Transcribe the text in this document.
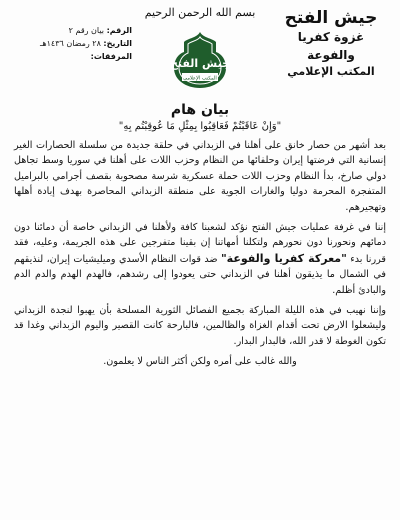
بسم الله الرحمن الرحيم	جيش الفتح
غزوة كفريا والفوعة
المكتب الإعلامي
الرقم: بيان رقم ٢
التاريخ: ٢٨ رمضان ١٤٣٦هـ
المرفقات:
جيش الفتح
المكتب الإعلامي
بيان هام
"وَإِنْ عَاقَبْتُمْ فَعَاقِبُوا بِمِثْلِ مَا عُوقِبْتُم بِهِ"

بعد أشهر من حصار خانق على أهلنا في الزبداني في حلقة جديدة من سلسلة الحصارات الغير إنسانية التي فرضتها إيران وحلفائها من النظام وحزب اللات على أهلنا في سوريا وسط تجاهل دولي صارخ، بدأ النظام وحزب اللات حملة عسكرية شرسة مصحوبة بقصف أجرامي بالبراميل المتفجرة المحرمة دوليا والغارات الجوية على منطقة الزبداني المحاصرة بهدف إبادة أهلها وتهجيرهم.

إننا في غرفة عمليات جيش الفتح نؤكد لشعبنا كافة ولأهلنا في الزبداني خاصة أن دمائنا دون دمائهم ونحورنا دون نحورهم ولتكلنا أمهاتنا إن بقينا متفرجين على هذه الجريمة، وعليه، فقد قررنا بدء "معركة كفريا والفوعة" ضد قوات النظام الأسدي وميليشيات إيران، لنذيقهم في الشمال ما يذيقون أهلنا في الزبداني حتى يعودوا إلى رشدهم، فالهدم الهدم والدم الدم والبادئ أظلم.

وإننا نهيب في هذه الليلة المباركة بجميع الفصائل الثورية المسلحة بأن يهبوا لنجدة الزبداني وليشعلوا الارض تحت أقدام الغزاة والظالمين، فالبارحة كانت القصير واليوم الزبداني وغدا قد تكون الغوطة لا قدر الله، فالبدار البدار.

والله غالب على أمره ولكن أكثر الناس لا يعلمون.
